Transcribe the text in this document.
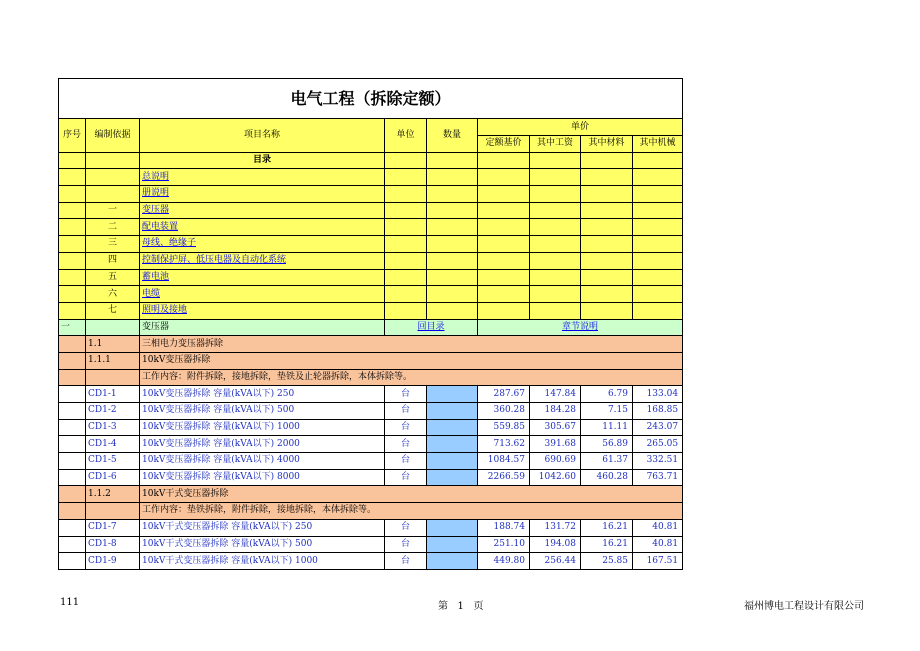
电气工程（拆除定额）								
序号	编制依据	项目名称	单位	数量	单价			
					定额基价	其中工资	其中材料	其中机械
		目录						
		总说明						
		册说明						
	一	变压器						
	二	配电装置						
	三	母线、绝缘子						
	四	控制保护屏、低压电器及自动化系统						
	五	蓄电池						
	六	电缆						
	七	照明及接地						
一		变压器	回目录		章节说明			
	1.1	三相电力变压器拆除						
	1.1.1	10kV变压器拆除						
		工作内容：附件拆除，接地拆除，垫铁及止轮器拆除，本体拆除等。						
	CD1-1	10kV变压器拆除 容量(kVA以下) 250	台		287.67	147.84	6.79	133.04
	CD1-2	10kV变压器拆除 容量(kVA以下) 500	台		360.28	184.28	7.15	168.85
	CD1-3	10kV变压器拆除 容量(kVA以下) 1000	台		559.85	305.67	11.11	243.07
	CD1-4	10kV变压器拆除 容量(kVA以下) 2000	台		713.62	391.68	56.89	265.05
	CD1-5	10kV变压器拆除 容量(kVA以下) 4000	台		1084.57	690.69	61.37	332.51
	CD1-6	10kV变压器拆除 容量(kVA以下) 8000	台		2266.59	1042.60	460.28	763.71
	1.1.2	10kV干式变压器拆除						
		工作内容：垫铁拆除，附件拆除，接地拆除，本体拆除等。						
	CD1-7	10kV干式变压器拆除 容量(kVA以下) 250	台		188.74	131.72	16.21	40.81
	CD1-8	10kV干式变压器拆除 容量(kVA以下) 500	台		251.10	194.08	16.21	40.81
	CD1-9	10kV干式变压器拆除 容量(kVA以下) 1000	台		449.80	256.44	25.85	167.51
111	第 1 页	福州博电工程设计有限公司
